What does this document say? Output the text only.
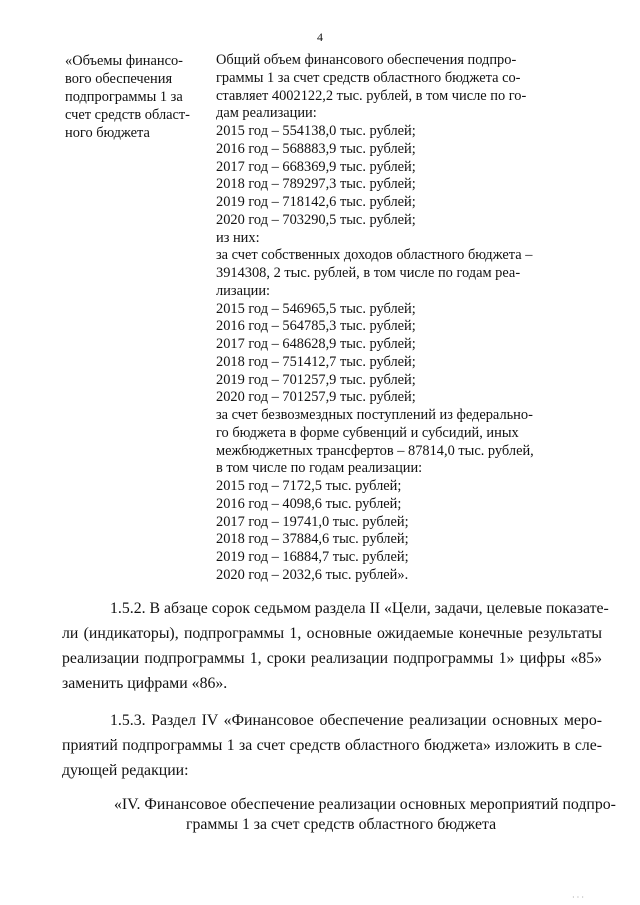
4
«Объемы финансо-
вого обеспечения
подпрограммы 1 за
счет средств област-
ного бюджета
Общий объем финансового обеспечения подпро-
граммы 1 за счет средств областного бюджета со-
ставляет 4002122,2 тыс. рублей, в том числе по го-
дам реализации:
2015 год – 554138,0 тыс. рублей;
2016 год – 568883,9 тыс. рублей;
2017 год – 668369,9 тыс. рублей;
2018 год – 789297,3 тыс. рублей;
2019 год – 718142,6 тыс. рублей;
2020 год – 703290,5 тыс. рублей;
из них:
за счет собственных доходов областного бюджета –
3914308, 2 тыс. рублей, в том числе по годам реа-
лизации:
2015 год – 546965,5 тыс. рублей;
2016 год – 564785,3 тыс. рублей;
2017 год – 648628,9 тыс. рублей;
2018 год – 751412,7 тыс. рублей;
2019 год – 701257,9 тыс. рублей;
2020 год – 701257,9 тыс. рублей;
за счет безвозмездных поступлений из федерально-
го бюджета в форме субвенций и субсидий, иных
межбюджетных трансфертов – 87814,0 тыс. рублей,
в том числе по годам реализации:
2015 год – 7172,5 тыс. рублей;
2016 год – 4098,6 тыс. рублей;
2017 год – 19741,0 тыс. рублей;
2018 год – 37884,6 тыс. рублей;
2019 год – 16884,7 тыс. рублей;
2020 год – 2032,6 тыс. рублей».
1.5.2. В абзаце сорок седьмом раздела II «Цели, задачи, целевые показате-
ли (индикаторы), подпрограммы 1, основные ожидаемые конечные результаты
реализации подпрограммы 1, сроки реализации подпрограммы 1» цифры «85»
заменить цифрами «86».
1.5.3. Раздел IV «Финансовое обеспечение реализации основных меро-
приятий подпрограммы 1 за счет средств областного бюджета» изложить в сле-
дующей редакции:
«IV. Финансовое обеспечение реализации основных мероприятий подпро-
граммы 1 за счет средств областного бюджета
· · ·
